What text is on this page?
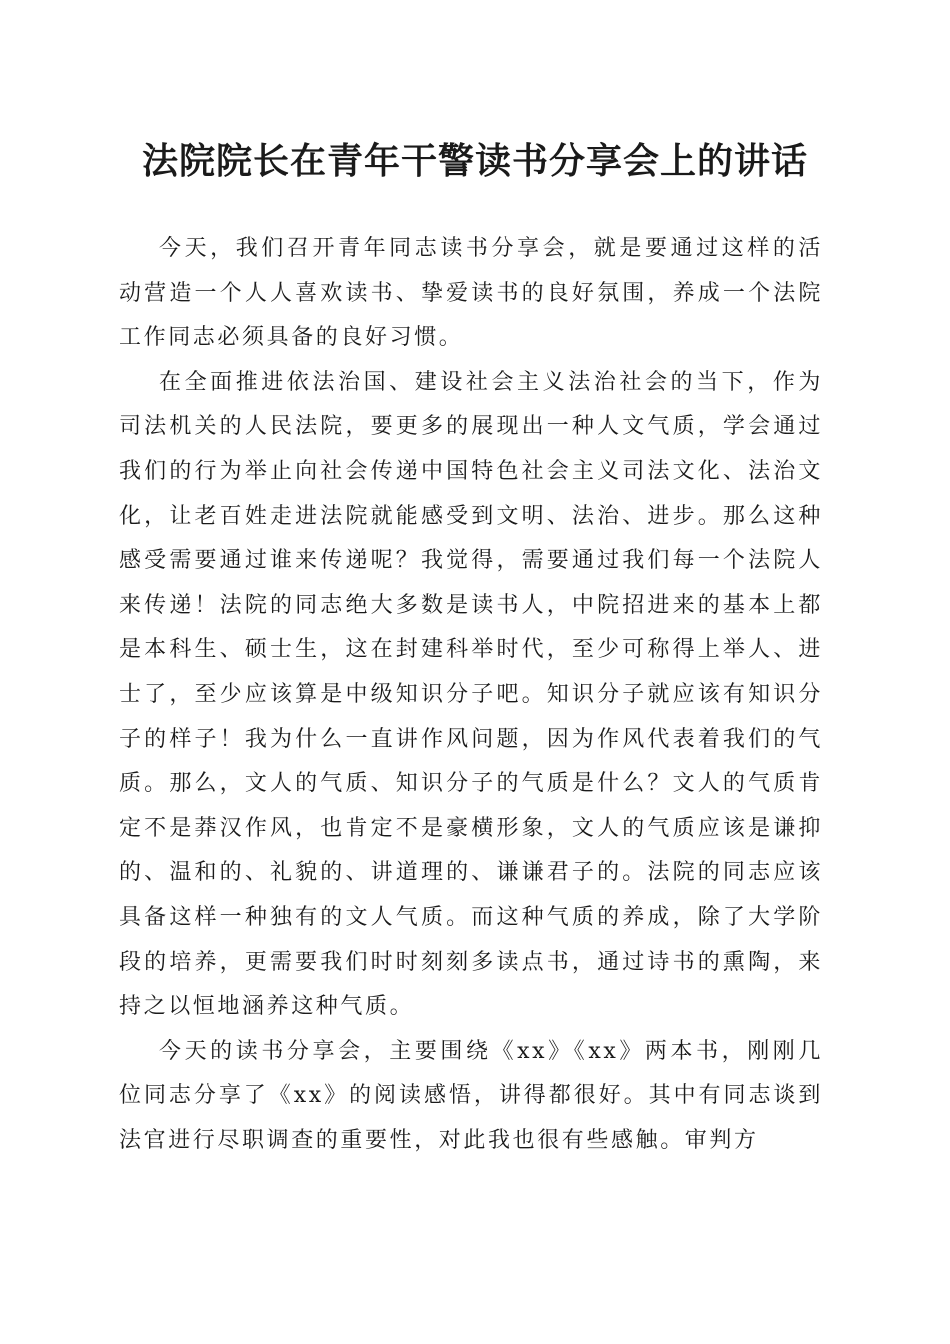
法院院长在青年干警读书分享会上的讲话

今天，我们召开青年同志读书分享会，就是要通过这样的活动营造一个人人喜欢读书、挚爱读书的良好氛围，养成一个法院工作同志必须具备的良好习惯。

在全面推进依法治国、建设社会主义法治社会的当下，作为司法机关的人民法院，要更多的展现出一种人文气质，学会通过我们的行为举止向社会传递中国特色社会主义司法文化、法治文化，让老百姓走进法院就能感受到文明、法治、进步。那么这种感受需要通过谁来传递呢？我觉得，需要通过我们每一个法院人来传递！法院的同志绝大多数是读书人，中院招进来的基本上都是本科生、硕士生，这在封建科举时代，至少可称得上举人、进士了，至少应该算是中级知识分子吧。知识分子就应该有知识分子的样子！我为什么一直讲作风问题，因为作风代表着我们的气质。那么，文人的气质、知识分子的气质是什么？文人的气质肯定不是莽汉作风，也肯定不是豪横形象，文人的气质应该是谦抑的、温和的、礼貌的、讲道理的、谦谦君子的。法院的同志应该具备这样一种独有的文人气质。而这种气质的养成，除了大学阶段的培养，更需要我们时时刻刻多读点书，通过诗书的熏陶，来持之以恒地涵养这种气质。

今天的读书分享会，主要围绕《xx》《xx》两本书，刚刚几位同志分享了《xx》的阅读感悟，讲得都很好。其中有同志谈到法官进行尽职调查的重要性，对此我也很有些感触。审判方
